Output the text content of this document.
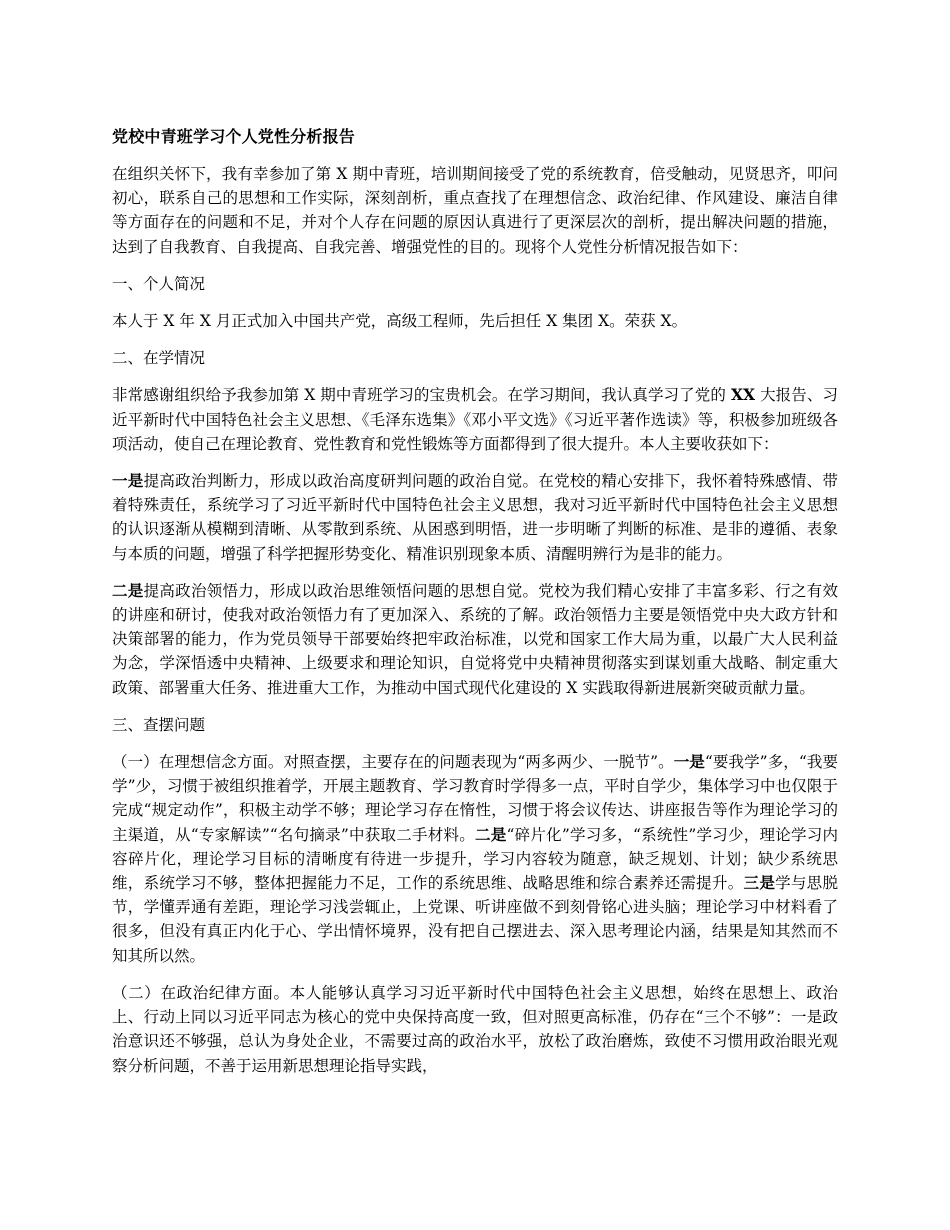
党校中青班学习个人党性分析报告

在组织关怀下，我有幸参加了第 X 期中青班，培训期间接受了党的系统教育，倍受触动，见贤思齐，叩问初心，联系自己的思想和工作实际，深刻剖析，重点查找了在理想信念、政治纪律、作风建设、廉洁自律等方面存在的问题和不足，并对个人存在问题的原因认真进行了更深层次的剖析，提出解决问题的措施，达到了自我教育、自我提高、自我完善、增强党性的目的。现将个人党性分析情况报告如下：

一、个人简况

本人于 X 年 X 月正式加入中国共产党，高级工程师，先后担任 X 集团 X。荣获 X。

二、在学情况

非常感谢组织给予我参加第 X 期中青班学习的宝贵机会。在学习期间，我认真学习了党的 XX 大报告、习近平新时代中国特色社会主义思想、《毛泽东选集》《邓小平文选》《习近平著作选读》等，积极参加班级各项活动，使自己在理论教育、党性教育和党性锻炼等方面都得到了很大提升。本人主要收获如下：

一是提高政治判断力，形成以政治高度研判问题的政治自觉。在党校的精心安排下，我怀着特殊感情、带着特殊责任，系统学习了习近平新时代中国特色社会主义思想，我对习近平新时代中国特色社会主义思想的认识逐渐从模糊到清晰、从零散到系统、从困惑到明悟，进一步明晰了判断的标准、是非的遵循、表象与本质的问题，增强了科学把握形势变化、精准识别现象本质、清醒明辨行为是非的能力。

二是提高政治领悟力，形成以政治思维领悟问题的思想自觉。党校为我们精心安排了丰富多彩、行之有效的讲座和研讨，使我对政治领悟力有了更加深入、系统的了解。政治领悟力主要是领悟党中央大政方针和决策部署的能力，作为党员领导干部要始终把牢政治标准，以党和国家工作大局为重，以最广大人民利益为念，学深悟透中央精神、上级要求和理论知识，自觉将党中央精神贯彻落实到谋划重大战略、制定重大政策、部署重大任务、推进重大工作，为推动中国式现代化建设的 X 实践取得新进展新突破贡献力量。

三、查摆问题

（一）在理想信念方面。对照查摆，主要存在的问题表现为“两多两少、一脱节”。一是“要我学”多，“我要学”少，习惯于被组织推着学，开展主题教育、学习教育时学得多一点，平时自学少，集体学习中也仅限于完成“规定动作”，积极主动学不够；理论学习存在惰性，习惯于将会议传达、讲座报告等作为理论学习的主渠道，从“专家解读”“名句摘录”中获取二手材料。二是“碎片化”学习多，“系统性”学习少，理论学习内容碎片化，理论学习目标的清晰度有待进一步提升，学习内容较为随意，缺乏规划、计划；缺少系统思维，系统学习不够，整体把握能力不足，工作的系统思维、战略思维和综合素养还需提升。三是学与思脱节，学懂弄通有差距，理论学习浅尝辄止，上党课、听讲座做不到刻骨铭心进头脑；理论学习中材料看了很多，但没有真正内化于心、学出情怀境界，没有把自己摆进去、深入思考理论内涵，结果是知其然而不知其所以然。

（二）在政治纪律方面。本人能够认真学习习近平新时代中国特色社会主义思想，始终在思想上、政治上、行动上同以习近平同志为核心的党中央保持高度一致，但对照更高标准，仍存在“三个不够”：一是政治意识还不够强，总认为身处企业，不需要过高的政治水平，放松了政治磨炼，致使不习惯用政治眼光观察分析问题，不善于运用新思想理论指导实践，
